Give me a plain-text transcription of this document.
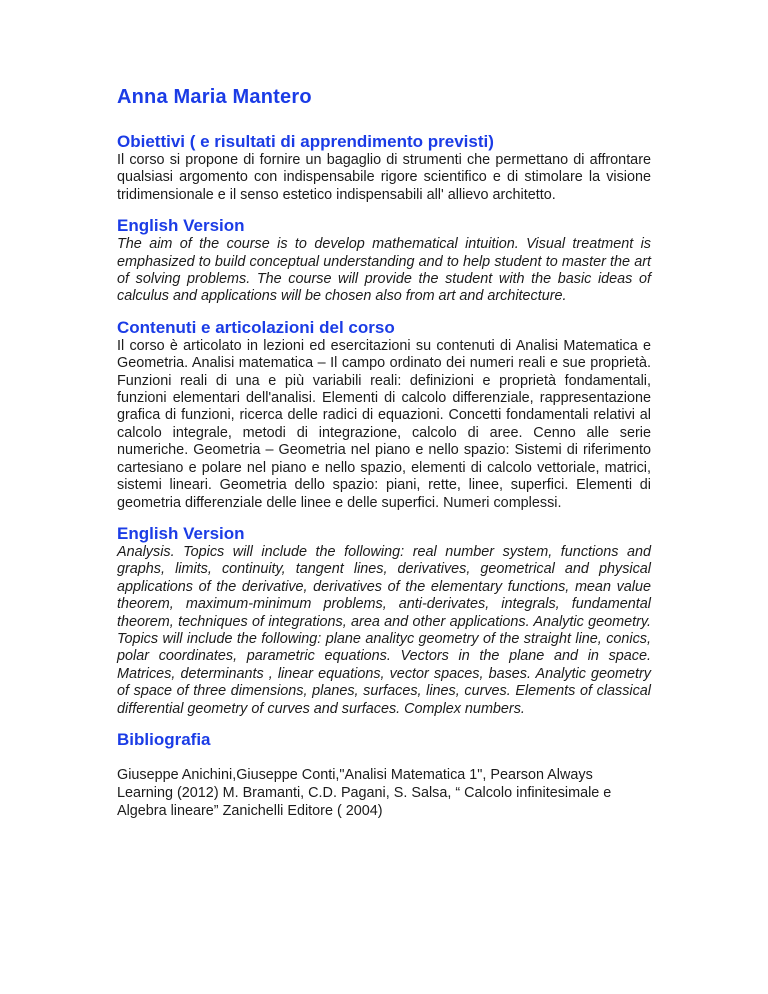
Anna Maria Mantero
Obiettivi ( e risultati di apprendimento previsti)

Il corso si propone di fornire un bagaglio di strumenti che permettano di affrontare qualsiasi argomento con indispensabile rigore scientifico e di stimolare la visione tridimensionale e il senso estetico indispensabili all' allievo architetto.

English Version

The aim of the course is to develop mathematical intuition. Visual treatment is emphasized to build conceptual understanding and to help student to master the art of solving problems. The course will provide the student with the basic ideas of calculus and applications will be chosen also from art and architecture.

Contenuti e articolazioni del corso

Il corso è articolato in lezioni ed esercitazioni su contenuti di Analisi Matematica e Geometria. Analisi matematica – Il campo ordinato dei numeri reali e sue proprietà. Funzioni reali di una e più variabili reali: definizioni e proprietà fondamentali, funzioni elementari dell'analisi. Elementi di calcolo differenziale, rappresentazione grafica di funzioni, ricerca delle radici di equazioni. Concetti fondamentali relativi al calcolo integrale, metodi di integrazione, calcolo di aree. Cenno alle serie numeriche. Geometria – Geometria nel piano e nello spazio: Sistemi di riferimento cartesiano e polare nel piano e nello spazio, elementi di calcolo vettoriale, matrici, sistemi lineari. Geometria dello spazio: piani, rette, linee, superfici. Elementi di geometria differenziale delle linee e delle superfici. Numeri complessi.

English Version

Analysis. Topics will include the following: real number system, functions and graphs, limits, continuity, tangent lines, derivatives, geometrical and physical applications of the derivative, derivatives of the elementary functions, mean value theorem, maximum-minimum problems, anti-derivates, integrals, fundamental theorem, techniques of integrations, area and other applications. Analytic geometry. Topics will include the following: plane analityc geometry of the straight line, conics, polar coordinates, parametric equations. Vectors in the plane and in space. Matrices, determinants , linear equations, vector spaces, bases. Analytic geometry of space of three dimensions, planes, surfaces, lines, curves. Elements of classical differential geometry of curves and surfaces. Complex numbers.

Bibliografia

Giuseppe Anichini,Giuseppe Conti,"Analisi Matematica 1", Pearson Always Learning (2012) M. Bramanti, C.D. Pagani, S. Salsa, “ Calcolo infinitesimale e Algebra lineare” Zanichelli Editore ( 2004)
